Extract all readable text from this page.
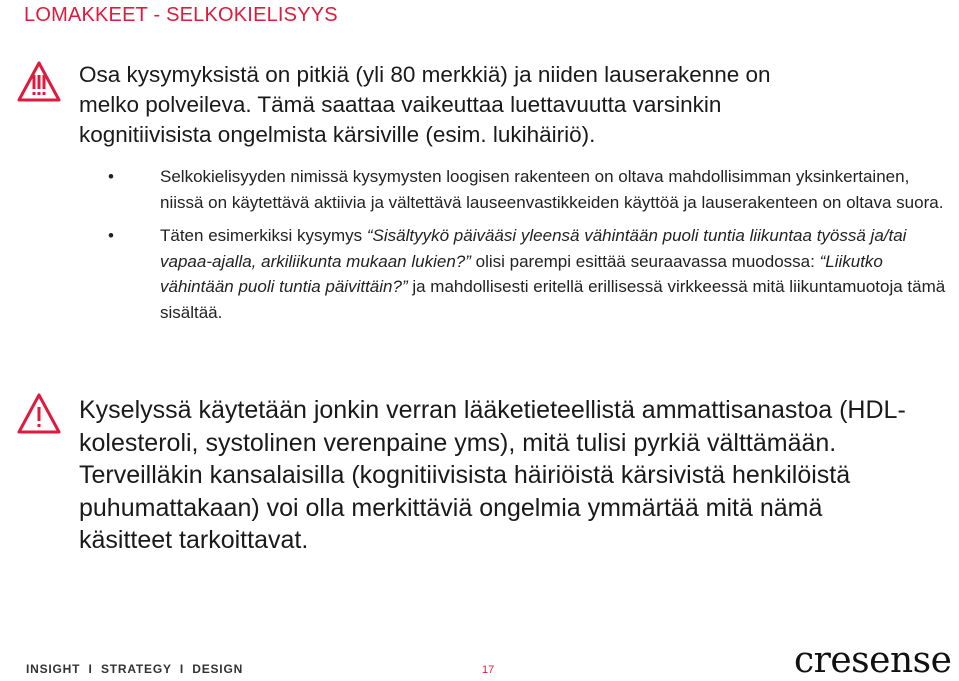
LOMAKKEET - SELKOKIELISYYS
Osa kysymyksistä on pitkiä (yli 80 merkkiä) ja niiden lauserakenne on
melko polveileva. Tämä saattaa vaikeuttaa luettavuutta varsinkin
kognitiivisista ongelmista kärsiville (esim. lukihäiriö).
•	Selkokielisyyden nimissä kysymysten loogisen rakenteen on oltava mahdollisimman yksinkertainen, niissä on käytettävä aktiivia ja vältettävä lauseenvastikkeiden käyttöä ja lauserakenteen on oltava suora.
•	Täten esimerkiksi kysymys “Sisältyykö päivääsi yleensä vähintään puoli tuntia liikuntaa työssä ja/tai vapaa-ajalla, arkiliikunta mukaan lukien?” olisi parempi esittää seuraavassa muodossa: “Liikutko vähintään puoli tuntia päivittäin?” ja mahdollisesti eritellä erillisessä virkkeessä mitä liikuntamuotoja tämä sisältää.
Kyselyssä käytetään jonkin verran lääketieteellistä ammattisanastoa (HDL-
kolesteroli, systolinen verenpaine yms), mitä tulisi pyrkiä välttämään.
Terveilläkin kansalaisilla (kognitiivisista häiriöistä kärsivistä henkilöistä
puhumattakaan) voi olla merkittäviä ongelmia ymmärtää mitä nämä
käsitteet tarkoittavat.
INSIGHT  I  STRATEGY  I  DESIGN	17	cresense
